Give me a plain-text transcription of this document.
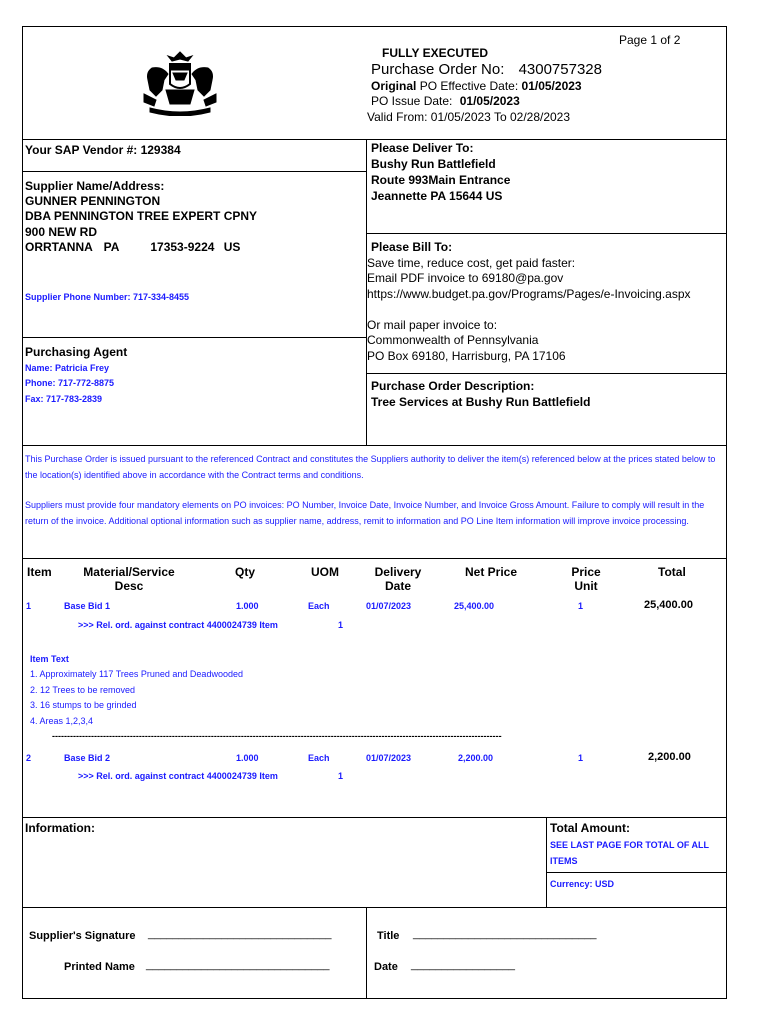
Page 1 of 2
FULLY EXECUTED
Purchase Order No: 4300757328
Original PO Effective Date: 01/05/2023
PO Issue Date: 01/05/2023
Valid From: 01/05/2023 To 02/28/2023
Your SAP Vendor #: 129384
Supplier Name/Address:
GUNNER PENNINGTON
DBA PENNINGTON TREE EXPERT CPNY
900 NEW RD
ORRTANNA PA	17353-9224 US
Supplier Phone Number: 717-334-8455
Purchasing Agent
Name: Patricia Frey
Phone: 717-772-8875
Fax: 717-783-2839
Please Deliver To:
Bushy Run Battlefield
Route 993Main Entrance
Jeannette PA 15644 US
Please Bill To:
Save time, reduce cost, get paid faster:
Email PDF invoice to 69180@pa.gov
https://www.budget.pa.gov/Programs/Pages/e-Invoicing.aspx
Or mail paper invoice to:
Commonwealth of Pennsylvania
PO Box 69180, Harrisburg, PA 17106
Purchase Order Description:
Tree Services at Bushy Run Battlefield
This Purchase Order is issued pursuant to the referenced Contract and constitutes the Suppliers authority to deliver the item(s) referenced below at the prices stated below to the location(s) identified above in accordance with the Contract terms and conditions.
Suppliers must provide four mandatory elements on PO invoices: PO Number, Invoice Date, Invoice Number, and Invoice Gross Amount. Failure to comply will result in the return of the invoice. Additional optional information such as supplier name, address, remit to information and PO Line Item information will improve invoice processing.
Item	Material/Service
Desc
Qty	UOM	Delivery
Date
Net Price	Price
Unit
Total
1	Base Bid 1	1.000	Each	01/07/2023	25,400.00	1	25,400.00
>>> Rel. ord. against contract 4400024739 Item	1
Item Text
1. Approximately 117 Trees Pruned and Deadwooded
2. 12 Trees to be removed
3. 16 stumps to be grinded
4. Areas 1,2,3,4
------------------------------------------------------------------------------------------------------------------------------------------------------
2	Base Bid 2	1.000	Each	01/07/2023	2,200.00	1	2,200.00
>>> Rel. ord. against contract 4400024739 Item	1
Information:	Total Amount:
SEE LAST PAGE FOR TOTAL OF ALL ITEMS
Currency: USD
Supplier's Signature ______________________________
Printed Name ______________________________
Title ______________________________
Date _________________
